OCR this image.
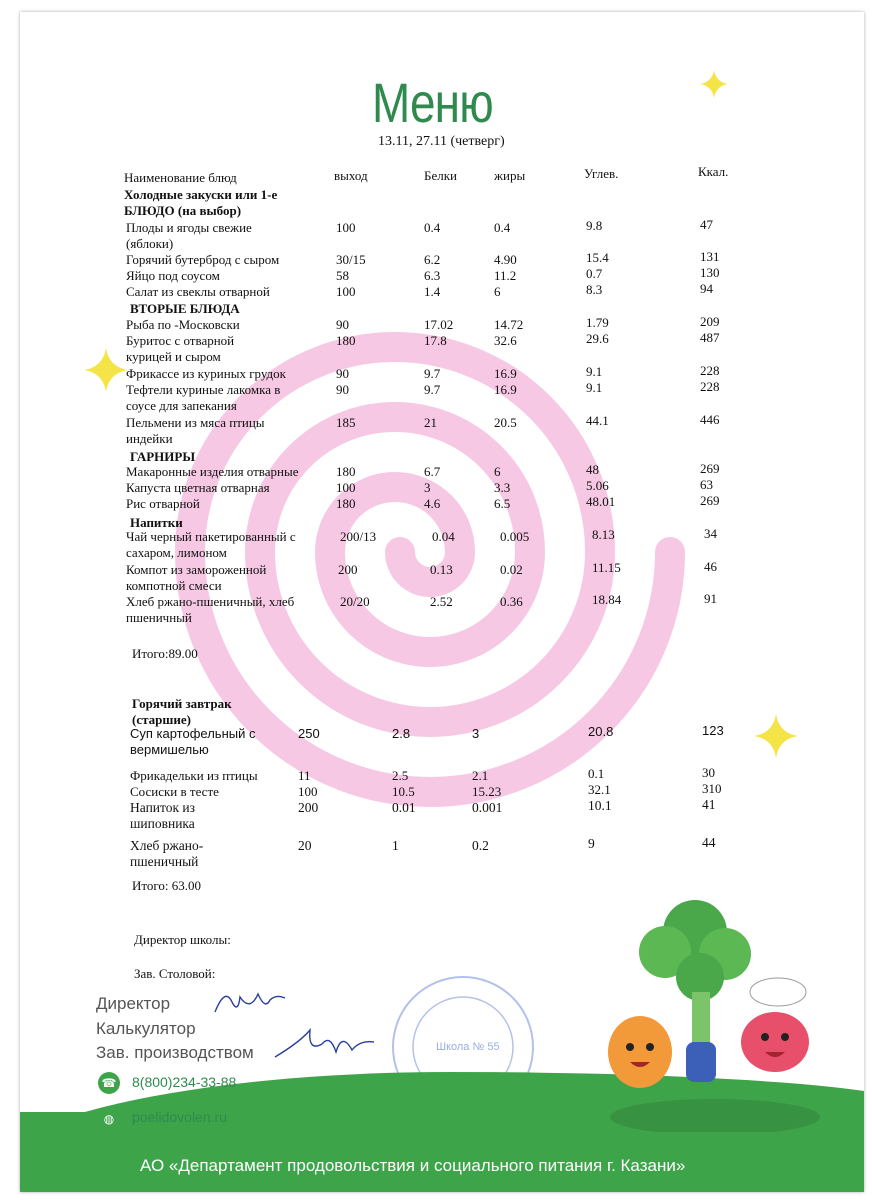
Меню
13.11, 27.11 (четверг)
Наименование блюд	выход	Белки	жиры	Углев.	Ккал.
Холодные закуски или 1-е
БЛЮДО (на выбор)
ВТОРЫЕ БЛЮДА
ГАРНИРЫ
Напитки
Плоды и ягоды свежие
(яблоки)
100	0.4	0.4	9.8	47
Горячий бутерброд с сыром	30/15	6.2	4.90	15.4	131
Яйцо под соусом	58	6.3	11.2	0.7	130
Салат из свеклы отварной	100	1.4	6	8.3	94
Рыба по -Московски	90	17.02	14.72	1.79	209
Буритос с отварной
курицей и сыром
180	17.8	32.6	29.6	487
Фрикассе из куриных грудок	90	9.7	16.9	9.1	228
Тефтели куриные лакомка в
соусе для запекания
90	9.7	16.9	9.1	228
Пельмени из мяса птицы
индейки
185	21	20.5	44.1	446
Макаронные изделия отварные	180	6.7	6	48	269
Капуста цветная отварная	100	3	3.3	5.06	63
Рис отварной	180	4.6	6.5	48.01	269
Чай черный пакетированный с
сахаром, лимоном
200/13	0.04	0.005	8.13	34
Компот из замороженной
компотной смеси
200	0.13	0.02	11.15	46
Хлеб ржано-пшеничный, хлеб
пшеничный
20/20	2.52	0.36	18.84	91
Итого:89.00
Горячий завтрак
(старшие)
Суп картофельный с
вермишелью
250	2.8	3	20.8	123
Фрикадельки из птицы	11	2.5	2.1	0.1	30
Сосиски в тесте	100	10.5	15.23	32.1	310
Напиток из
шиповника
200	0.01	0.001	10.1	41
Хлеб ржано-
пшеничный
20	1	0.2	9	44
Итого: 63.00
Директор школы:
Зав. Столовой:
Директор
Калькулятор
Зав. производством	Школа № 55
☎ 8(800)234-33-88
◍	poelidovolen.ru
АО «Департамент продовольствия и социального питания г. Казани»
